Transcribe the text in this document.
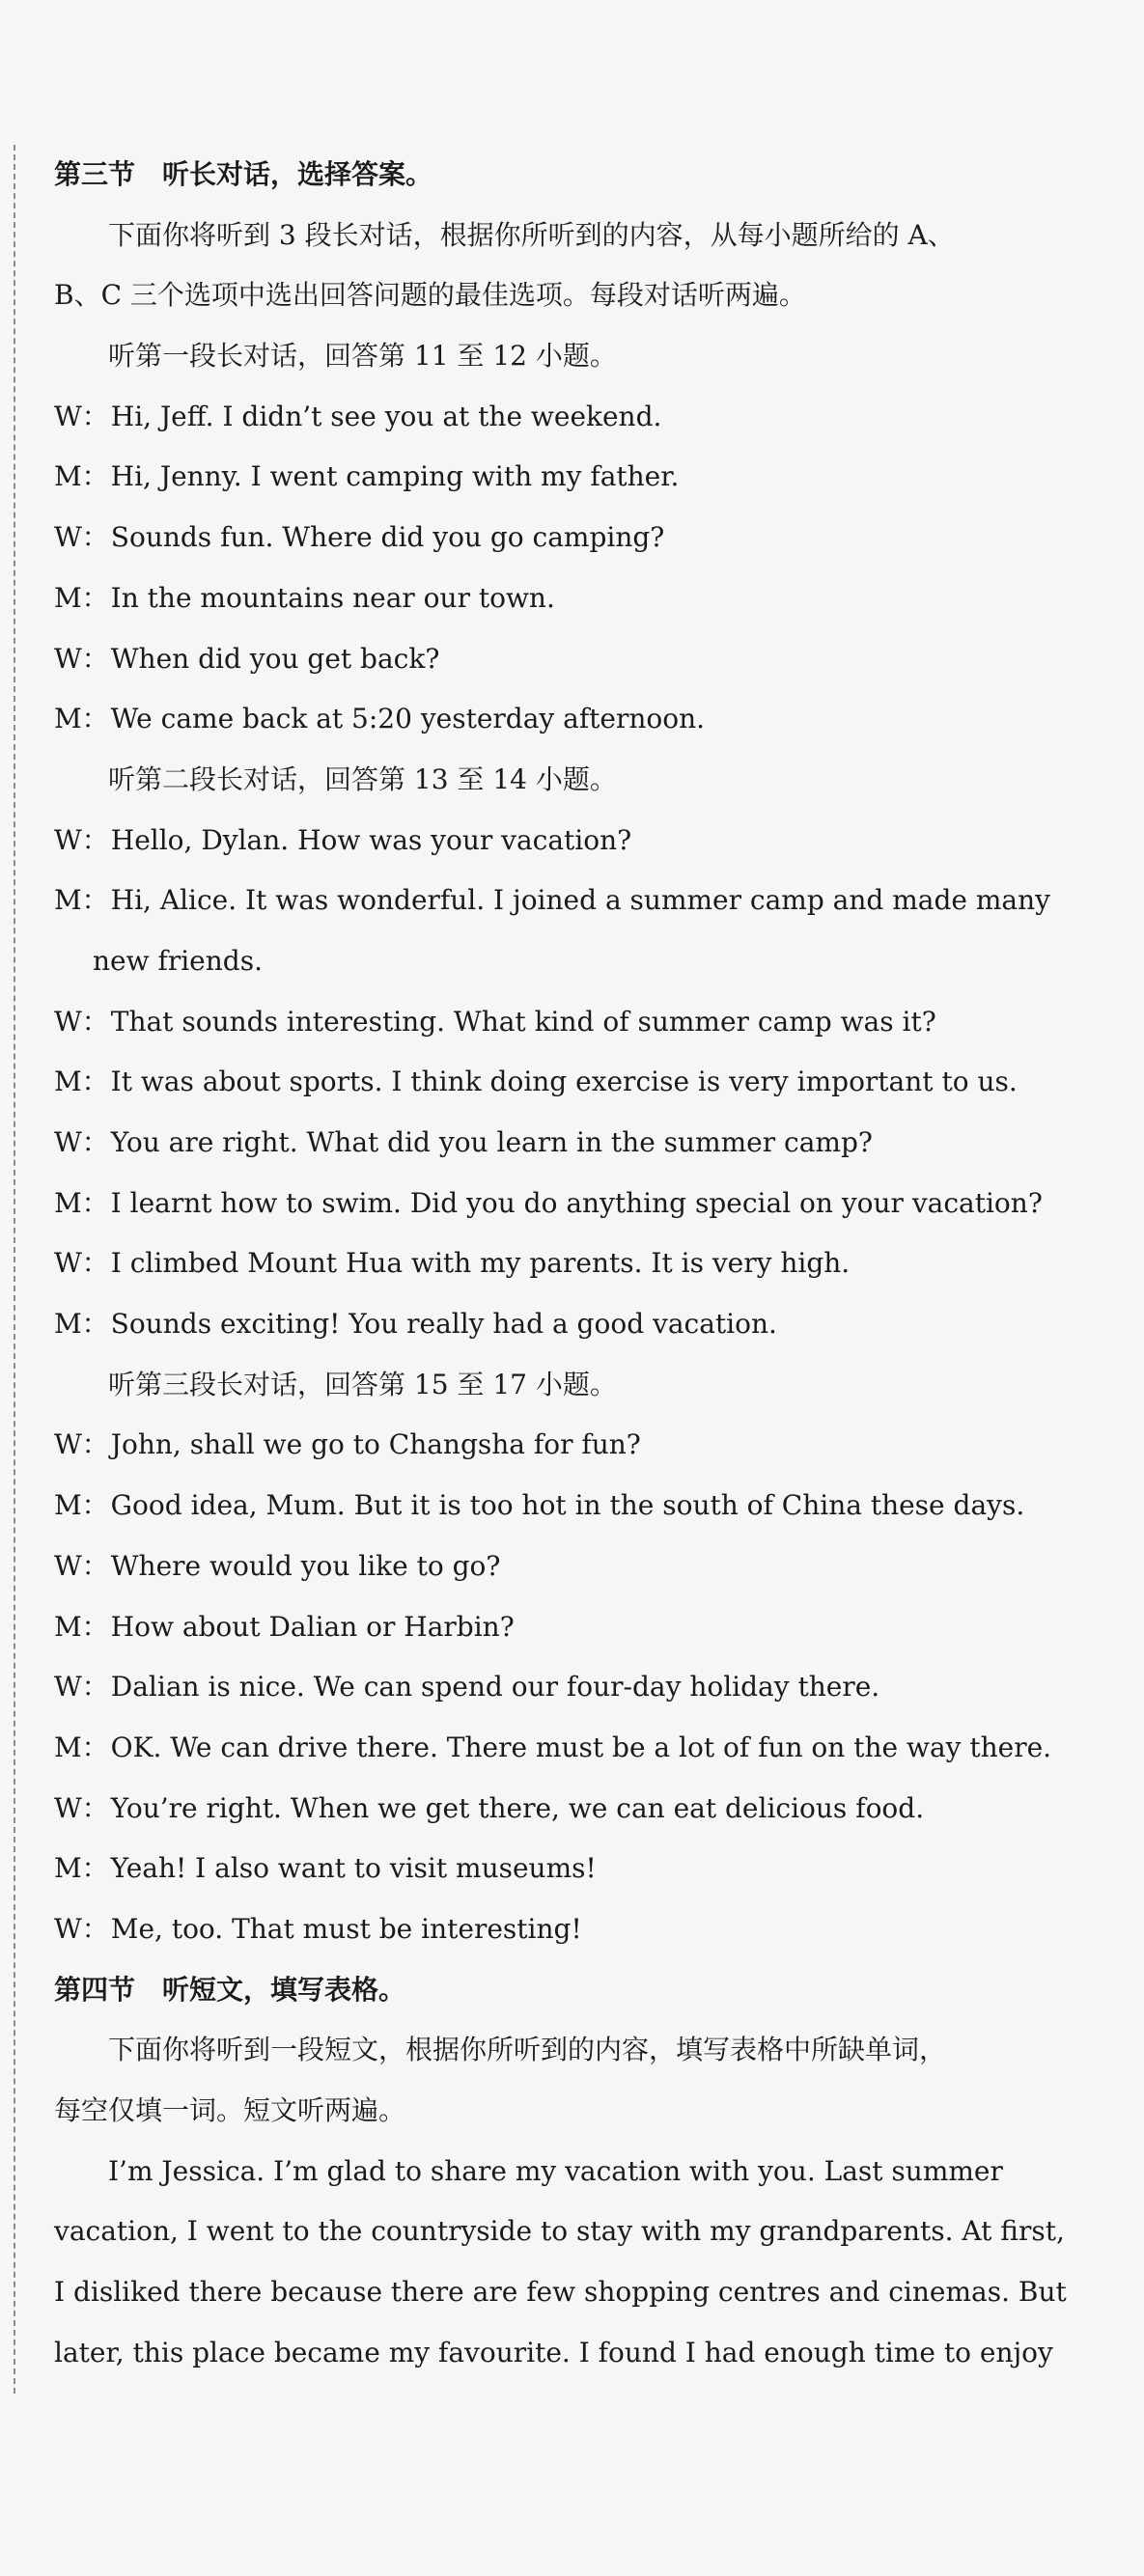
第三节　听长对话，选择答案。
下面你将听到 3 段长对话，根据你所听到的内容，从每小题所给的 A、
B、C 三个选项中选出回答问题的最佳选项。每段对话听两遍。
听第一段长对话，回答第 11 至 12 小题。
W：Hi, Jeff. I didn’t see you at the weekend.
M：Hi, Jenny. I went camping with my father.
W：Sounds fun. Where did you go camping?
M：In the mountains near our town.
W：When did you get back?
M：We came back at 5:20 yesterday afternoon.
听第二段长对话，回答第 13 至 14 小题。
W：Hello, Dylan. How was your vacation?
M：Hi, Alice. It was wonderful. I joined a summer camp and made many
new friends.
W：That sounds interesting. What kind of summer camp was it?
M：It was about sports. I think doing exercise is very important to us.
W：You are right. What did you learn in the summer camp?
M：I learnt how to swim. Did you do anything special on your vacation?
W：I climbed Mount Hua with my parents. It is very high.
M：Sounds exciting! You really had a good vacation.
听第三段长对话，回答第 15 至 17 小题。
W：John, shall we go to Changsha for fun?
M：Good idea, Mum. But it is too hot in the south of China these days.
W：Where would you like to go?
M：How about Dalian or Harbin?
W：Dalian is nice. We can spend our four-day holiday there.
M：OK. We can drive there. There must be a lot of fun on the way there.
W：You’re right. When we get there, we can eat delicious food.
M：Yeah! I also want to visit museums!
W：Me, too. That must be interesting!
第四节　听短文，填写表格。
下面你将听到一段短文，根据你所听到的内容，填写表格中所缺单词，
每空仅填一词。短文听两遍。
I’m Jessica. I’m glad to share my vacation with you. Last summer
vacation, I went to the countryside to stay with my grandparents. At first,
I disliked there because there are few shopping centres and cinemas. But
later, this place became my favourite. I found I had enough time to enjoy
